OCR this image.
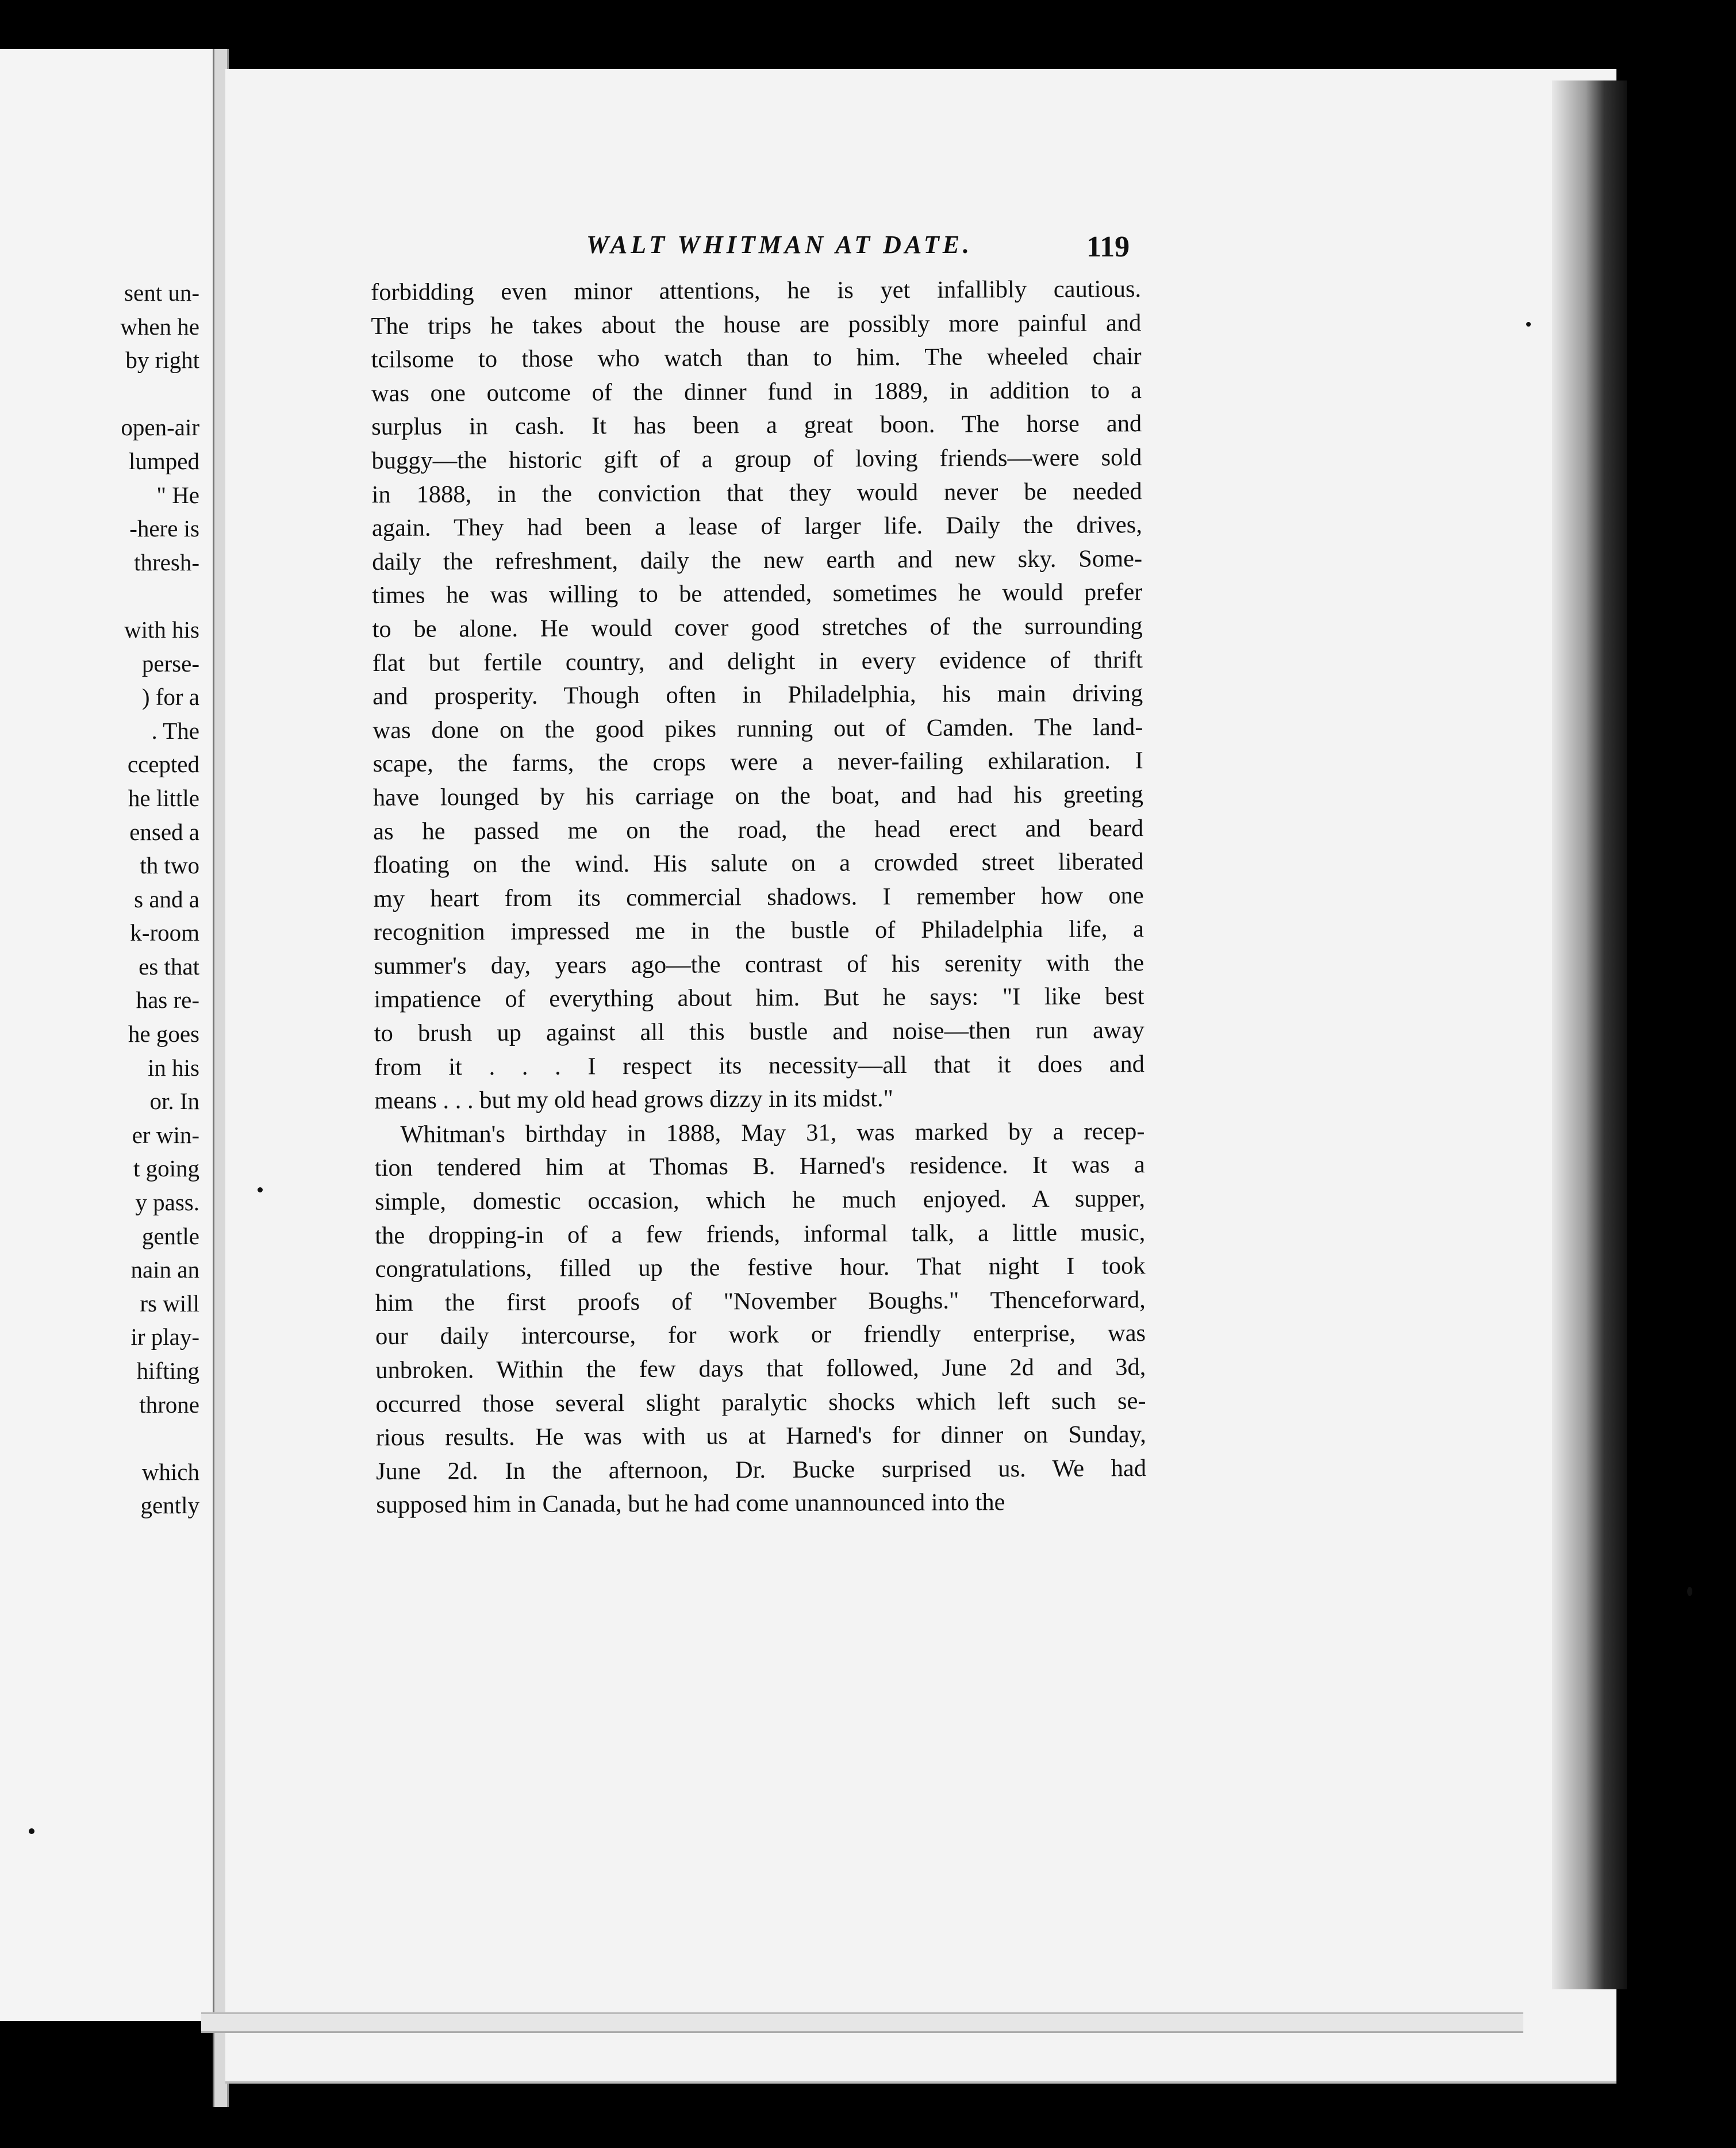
sent un-
when he
by right
open-air
lumped
" He
-here is
thresh-
with his
perse-
) for a
. The
ccepted
he little
ensed a
th two
s and a
k-room
es that
has re-
he goes
in his
or. In
er win-
t going
y pass.
gentle
nain an
rs will
ir play-
hifting
throne
which
gently
WALT WHITMAN AT DATE.	119
forbidding even minor attentions, he is yet infallibly cautious.
The trips he takes about the house are possibly more painful and
tcilsome to those who watch than to him. The wheeled chair
was one outcome of the dinner fund in 1889, in addition to a
surplus in cash. It has been a great boon. The horse and
buggy—the historic gift of a group of loving friends—were sold
in 1888, in the conviction that they would never be needed
again. They had been a lease of larger life. Daily the drives,
daily the refreshment, daily the new earth and new sky. Some-
times he was willing to be attended, sometimes he would prefer
to be alone. He would cover good stretches of the surrounding
flat but fertile country, and delight in every evidence of thrift
and prosperity. Though often in Philadelphia, his main driving
was done on the good pikes running out of Camden. The land-
scape, the farms, the crops were a never-failing exhilaration. I
have lounged by his carriage on the boat, and had his greeting
as he passed me on the road, the head erect and beard
floating on the wind. His salute on a crowded street liberated
my heart from its commercial shadows. I remember how one
recognition impressed me in the bustle of Philadelphia life, a
summer's day, years ago—the contrast of his serenity with the
impatience of everything about him. But he says: "I like best
to brush up against all this bustle and noise—then run away
from it . . . I respect its necessity—all that it does and
means . . . but my old head grows dizzy in its midst."
Whitman's birthday in 1888, May 31, was marked by a recep-
tion tendered him at Thomas B. Harned's residence. It was a
simple, domestic occasion, which he much enjoyed. A supper,
the dropping-in of a few friends, informal talk, a little music,
congratulations, filled up the festive hour. That night I took
him the first proofs of "November Boughs." Thenceforward,
our daily intercourse, for work or friendly enterprise, was
unbroken. Within the few days that followed, June 2d and 3d,
occurred those several slight paralytic shocks which left such se-
rious results. He was with us at Harned's for dinner on Sunday,
June 2d. In the afternoon, Dr. Bucke surprised us. We had
supposed him in Canada, but he had come unannounced into the
